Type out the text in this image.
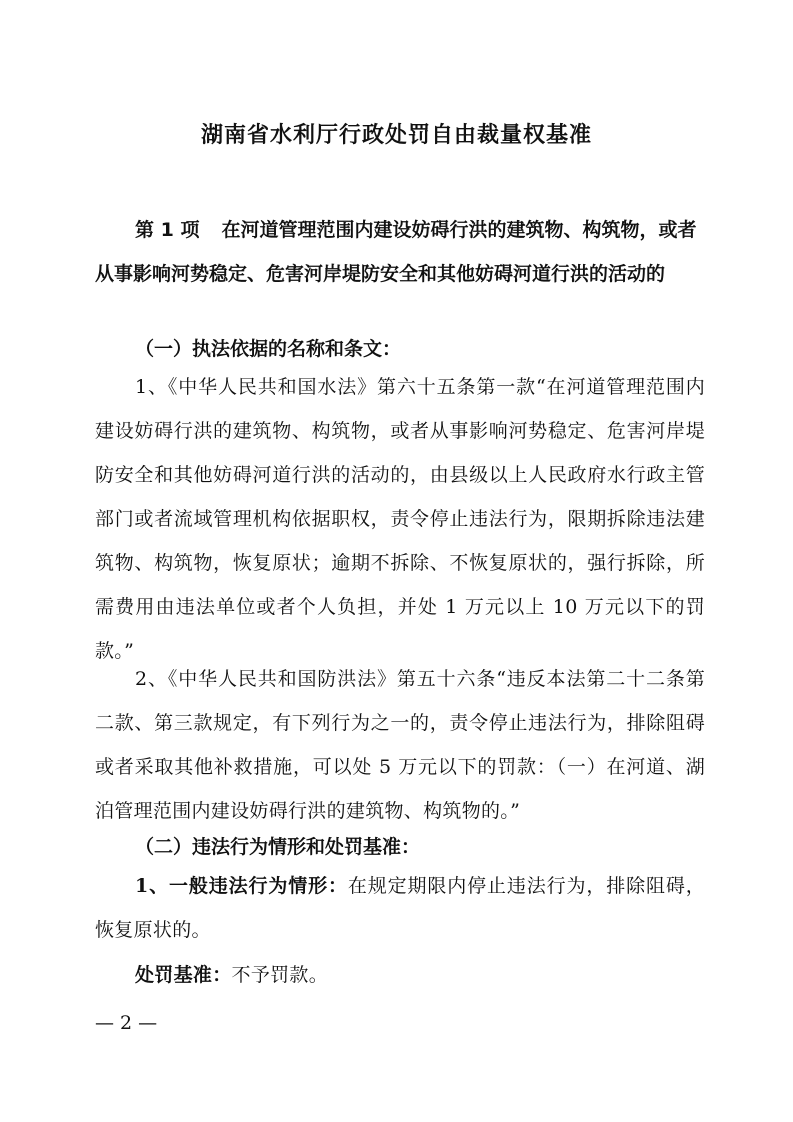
湖南省水利厅行政处罚自由裁量权基准

第 1 项 在河道管理范围内建设妨碍行洪的建筑物、构筑物，或者从事影响河势稳定、危害河岸堤防安全和其他妨碍河道行洪的活动的

（一）执法依据的名称和条文：

1、《中华人民共和国水法》第六十五条第一款“在河道管理范围内建设妨碍行洪的建筑物、构筑物，或者从事影响河势稳定、危害河岸堤防安全和其他妨碍河道行洪的活动的，由县级以上人民政府水行政主管部门或者流域管理机构依据职权，责令停止违法行为，限期拆除违法建筑物、构筑物，恢复原状；逾期不拆除、不恢复原状的，强行拆除，所需费用由违法单位或者个人负担，并处 1 万元以上 10 万元以下的罚款。”

2、《中华人民共和国防洪法》第五十六条“违反本法第二十二条第二款、第三款规定，有下列行为之一的，责令停止违法行为，排除阻碍或者采取其他补救措施，可以处 5 万元以下的罚款：（一）在河道、湖泊管理范围内建设妨碍行洪的建筑物、构筑物的。”

（二）违法行为情形和处罚基准：

1、一般违法行为情形：在规定期限内停止违法行为，排除阻碍，恢复原状的。

处罚基准：不予罚款。

— 2 —
